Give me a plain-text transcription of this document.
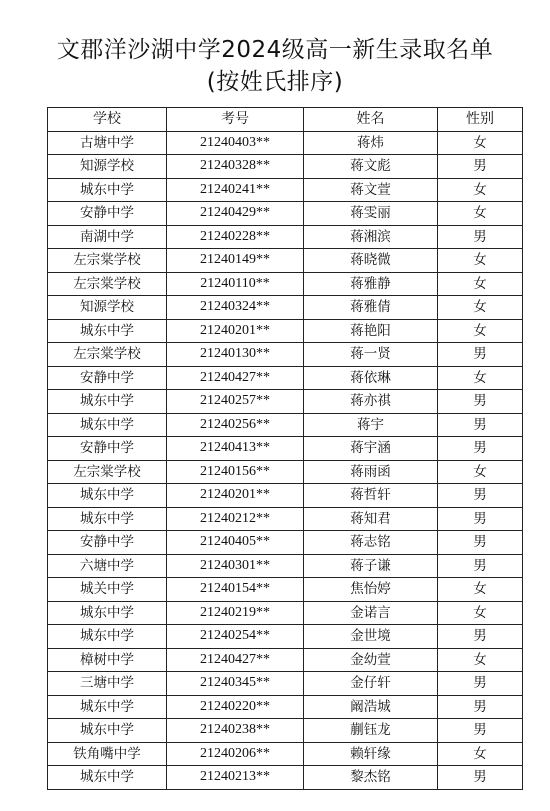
文郡洋沙湖中学2024级高一新生录取名单
(按姓氏排序)
学校	考号	姓名	性别
古塘中学	21240403**	蒋炜	女
知源学校	21240328**	蒋文彪	男
城东中学	21240241**	蒋文萱	女
安静中学	21240429**	蒋雯丽	女
南湖中学	21240228**	蒋湘滨	男
左宗棠学校	21240149**	蒋晓微	女
左宗棠学校	21240110**	蒋雅静	女
知源学校	21240324**	蒋雅倩	女
城东中学	21240201**	蒋艳阳	女
左宗棠学校	21240130**	蒋一贤	男
安静中学	21240427**	蒋依琳	女
城东中学	21240257**	蒋亦祺	男
城东中学	21240256**	蒋宇	男
安静中学	21240413**	蒋宇涵	男
左宗棠学校	21240156**	蒋雨函	女
城东中学	21240201**	蒋哲轩	男
城东中学	21240212**	蒋知君	男
安静中学	21240405**	蒋志铭	男
六塘中学	21240301**	蒋子谦	男
城关中学	21240154**	焦怡婷	女
城东中学	21240219**	金诺言	女
城东中学	21240254**	金世境	男
樟树中学	21240427**	金幼萱	女
三塘中学	21240345**	金仔轩	男
城东中学	21240220**	阚浩城	男
城东中学	21240238**	蒯钰龙	男
铁角嘴中学	21240206**	赖轩缘	女
城东中学	21240213**	黎杰铭	男
